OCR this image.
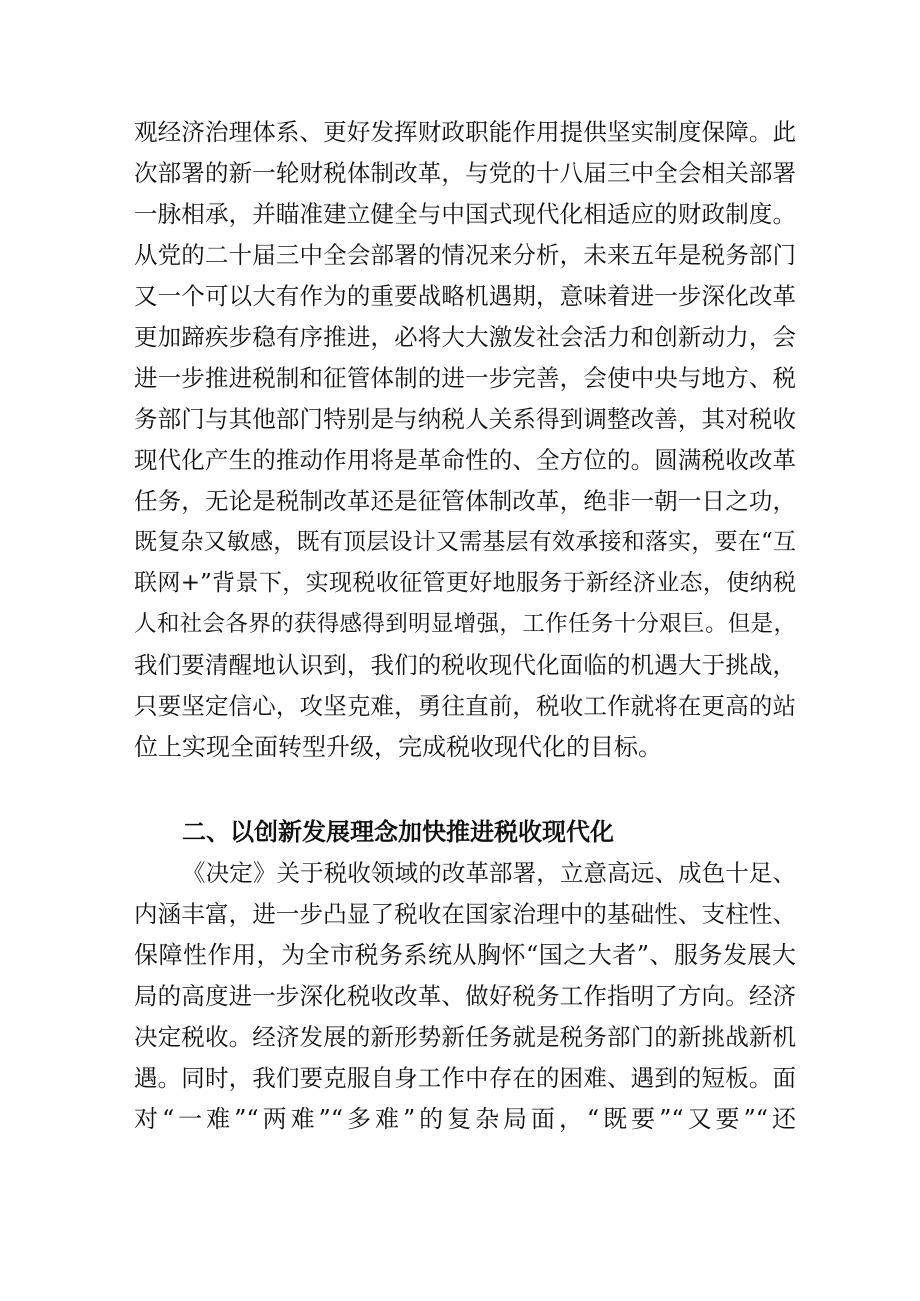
观经济治理体系、更好发挥财政职能作用提供坚实制度保障。此
次部署的新一轮财税体制改革，与党的十八届三中全会相关部署
一脉相承，并瞄准建立健全与中国式现代化相适应的财政制度。
从党的二十届三中全会部署的情况来分析，未来五年是税务部门
又一个可以大有作为的重要战略机遇期，意味着进一步深化改革
更加蹄疾步稳有序推进，必将大大激发社会活力和创新动力，会
进一步推进税制和征管体制的进一步完善，会使中央与地方、税
务部门与其他部门特别是与纳税人关系得到调整改善，其对税收
现代化产生的推动作用将是革命性的、全方位的。圆满税收改革
任务，无论是税制改革还是征管体制改革，绝非一朝一日之功，
既复杂又敏感，既有顶层设计又需基层有效承接和落实，要在“互
联网+”背景下，实现税收征管更好地服务于新经济业态，使纳税
人和社会各界的获得感得到明显增强，工作任务十分艰巨。但是，
我们要清醒地认识到，我们的税收现代化面临的机遇大于挑战，
只要坚定信心，攻坚克难，勇往直前，税收工作就将在更高的站
位上实现全面转型升级，完成税收现代化的目标。
二、以创新发展理念加快推进税收现代化
《决定》关于税收领域的改革部署，立意高远、成色十足、
内涵丰富，进一步凸显了税收在国家治理中的基础性、支柱性、
保障性作用，为全市税务系统从胸怀“国之大者”、服务发展大
局的高度进一步深化税收改革、做好税务工作指明了方向。经济
决定税收。经济发展的新形势新任务就是税务部门的新挑战新机
遇。同时，我们要克服自身工作中存在的困难、遇到的短板。面
对“一难”“两难”“多难”的复杂局面，“既要”“又要”“还
